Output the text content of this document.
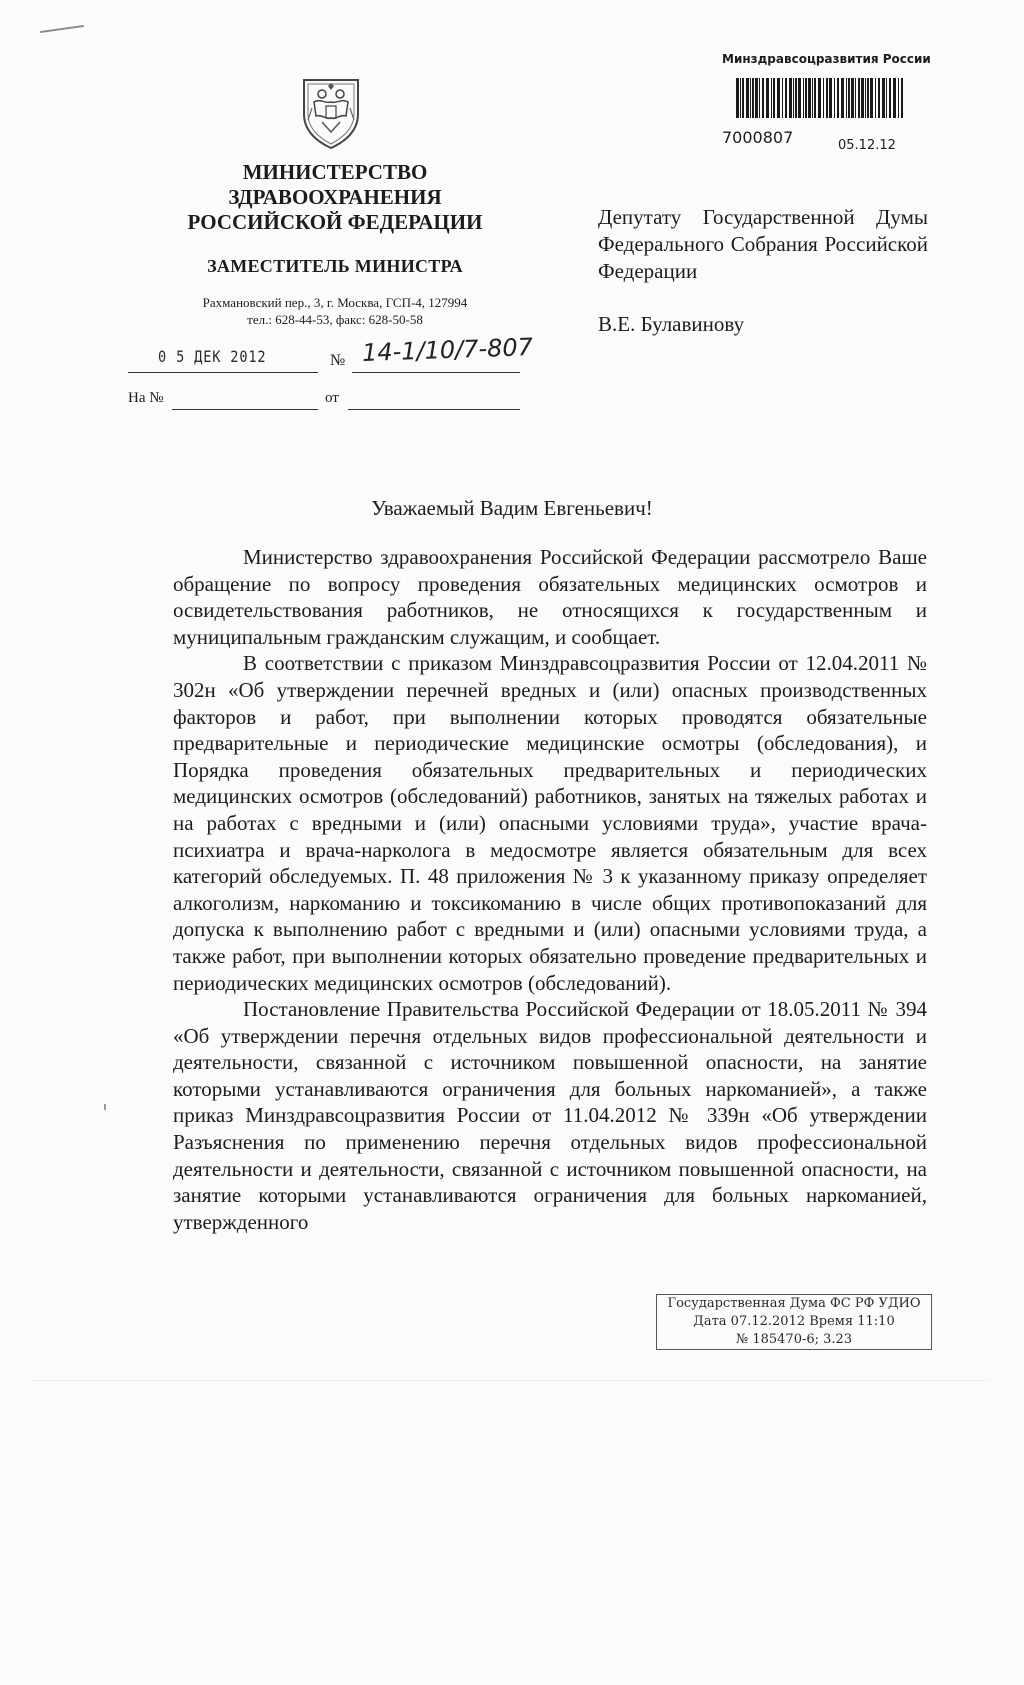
МИНИСТЕРСТВО
ЗДРАВООХРАНЕНИЯ
РОССИЙСКОЙ ФЕДЕРАЦИИ
ЗАМЕСТИТЕЛЬ МИНИСТРА
Рахмановский пер., 3, г. Москва, ГСП-4, 127994
тел.: 628-44-53, факс: 628-50-58
0 5 ДЕК 2012	№ 14-1/10/7-807
На №	от
Минздравсоцразвития России
7000807	05.12.12
Депутату Государственной Думы Федерального Собрания Российской Федерации
В.Е. Булавинову
Уважаемый Вадим Евгеньевич!

Министерство здравоохранения Российской Федерации рассмотрело Ваше обращение по вопросу проведения обязательных медицинских осмотров и освидетельствования работников, не относящихся к государственным и муниципальным гражданским служащим, и сообщает.

В соответствии с приказом Минздравсоцразвития России от 12.04.2011 № 302н «Об утверждении перечней вредных и (или) опасных производственных факторов и работ, при выполнении которых проводятся обязательные предварительные и периодические медицинские осмотры (обследования), и Порядка проведения обязательных предварительных и периодических медицинских осмотров (обследований) работников, занятых на тяжелых работах и на работах с вредными и (или) опасными условиями труда», участие врача-психиатра и врача-нарколога в медосмотре является обязательным для всех категорий обследуемых. П. 48 приложения № 3 к указанному приказу определяет алкоголизм, наркоманию и токсикоманию в числе общих противопоказаний для допуска к выполнению работ с вредными и (или) опасными условиями труда, а также работ, при выполнении которых обязательно проведение предварительных и периодических медицинских осмотров (обследований).

Постановление Правительства Российской Федерации от 18.05.2011 № 394 «Об утверждении перечня отдельных видов профессиональной деятельности и деятельности, связанной с источником повышенной опасности, на занятие которыми устанавливаются ограничения для больных наркоманией», а также приказ Минздравсоцразвития России от 11.04.2012 № 339н «Об утверждении Разъяснения по применению перечня отдельных видов профессиональной деятельности и деятельности, связанной с источником повышенной опасности, на занятие которыми устанавливаются ограничения для больных наркоманией, утвержденного

Государственная Дума ФС РФ УДИО
Дата 07.12.2012 Время 11:10
№ 185470-6; 3.23
